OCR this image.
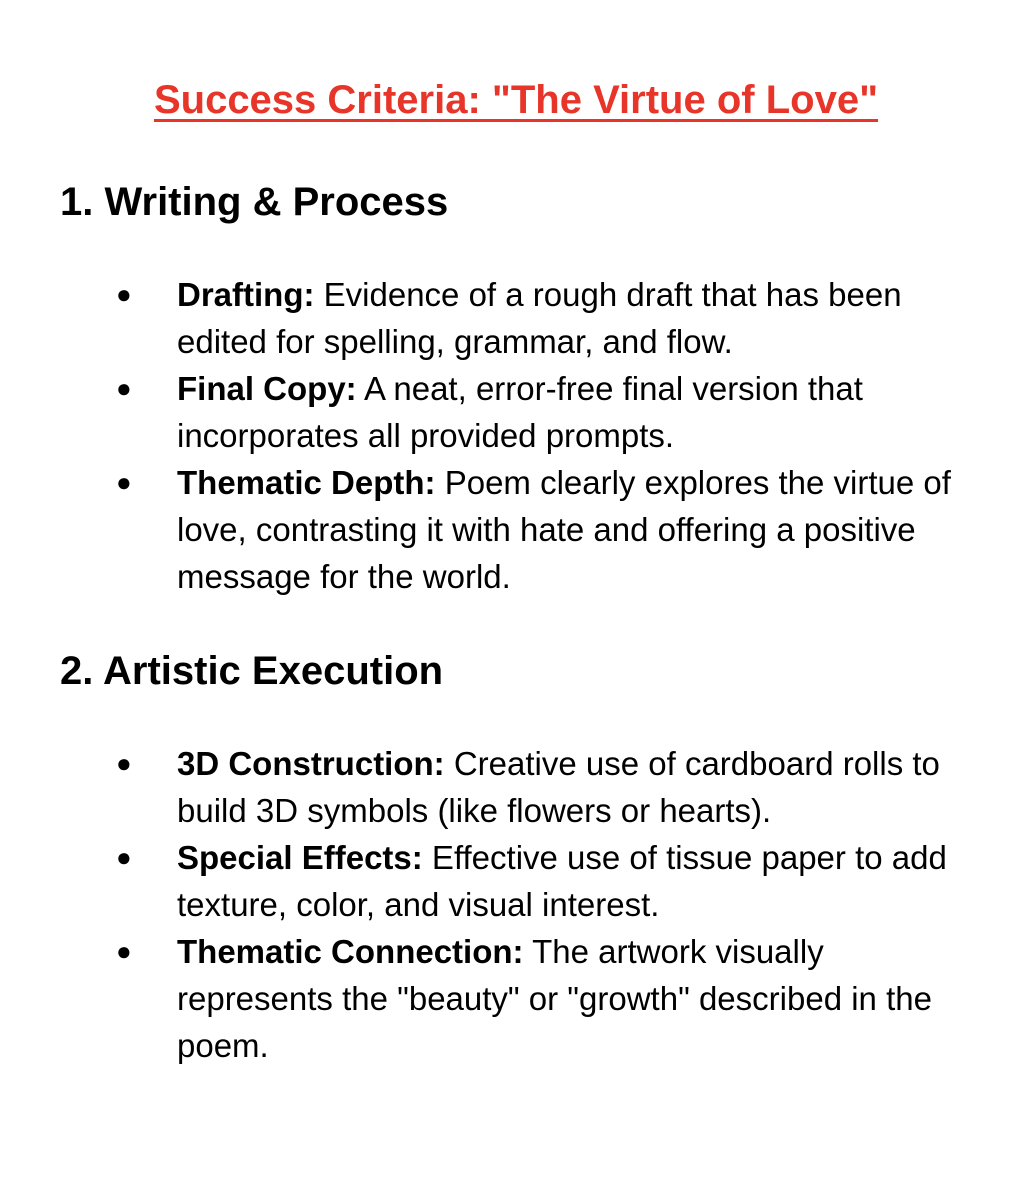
Success Criteria: "The Virtue of Love"
1. Writing & Process
● Drafting: Evidence of a rough draft that has been edited for spelling, grammar, and flow.
● Final Copy: A neat, error-free final version that incorporates all provided prompts.
● Thematic Depth: Poem clearly explores the virtue of love, contrasting it with hate and offering a positive message for the world.
2. Artistic Execution
● 3D Construction: Creative use of cardboard rolls to build 3D symbols (like flowers or hearts).
● Special Effects: Effective use of tissue paper to add texture, color, and visual interest.
● Thematic Connection: The artwork visually represents the "beauty" or "growth" described in the poem.
